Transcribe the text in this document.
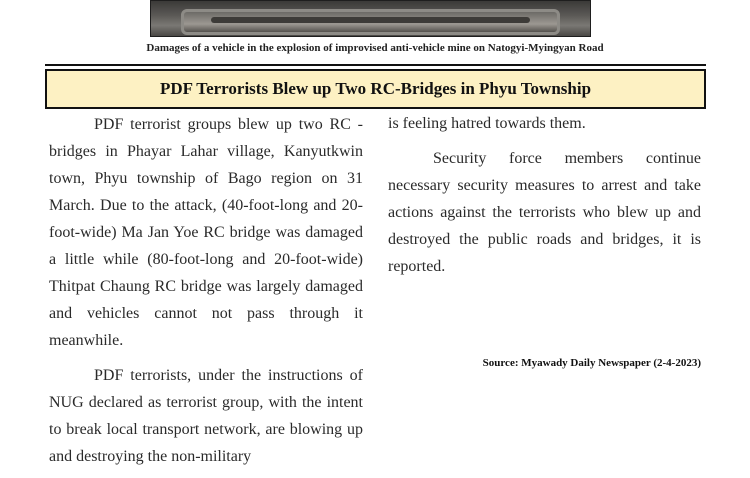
Damages of a vehicle in the explosion of improvised anti-vehicle mine on Natogyi-Myingyan Road
PDF Terrorists Blew up Two RC-Bridges in Phyu Township

PDF terrorist groups blew up two RC -bridges in Phayar Lahar village, Kanyutkwin town, Phyu township of Bago region on 31 March. Due to the attack, (40-foot-long and 20-foot-wide) Ma Jan Yoe RC bridge was damaged a little while (80-foot-long and 20-foot-wide) Thitpat Chaung RC bridge was largely damaged and vehicles cannot not pass through it meanwhile.

PDF terrorists, under the instructions of NUG declared as terrorist group, with the intent to break local transport network, are blowing up and destroying the non-military

is feeling hatred towards them.

Security force members continue necessary security measures to arrest and take actions against the terrorists who blew up and destroyed the public roads and bridges, it is reported.

Source: Myawady Daily Newspaper (2-4-2023)
